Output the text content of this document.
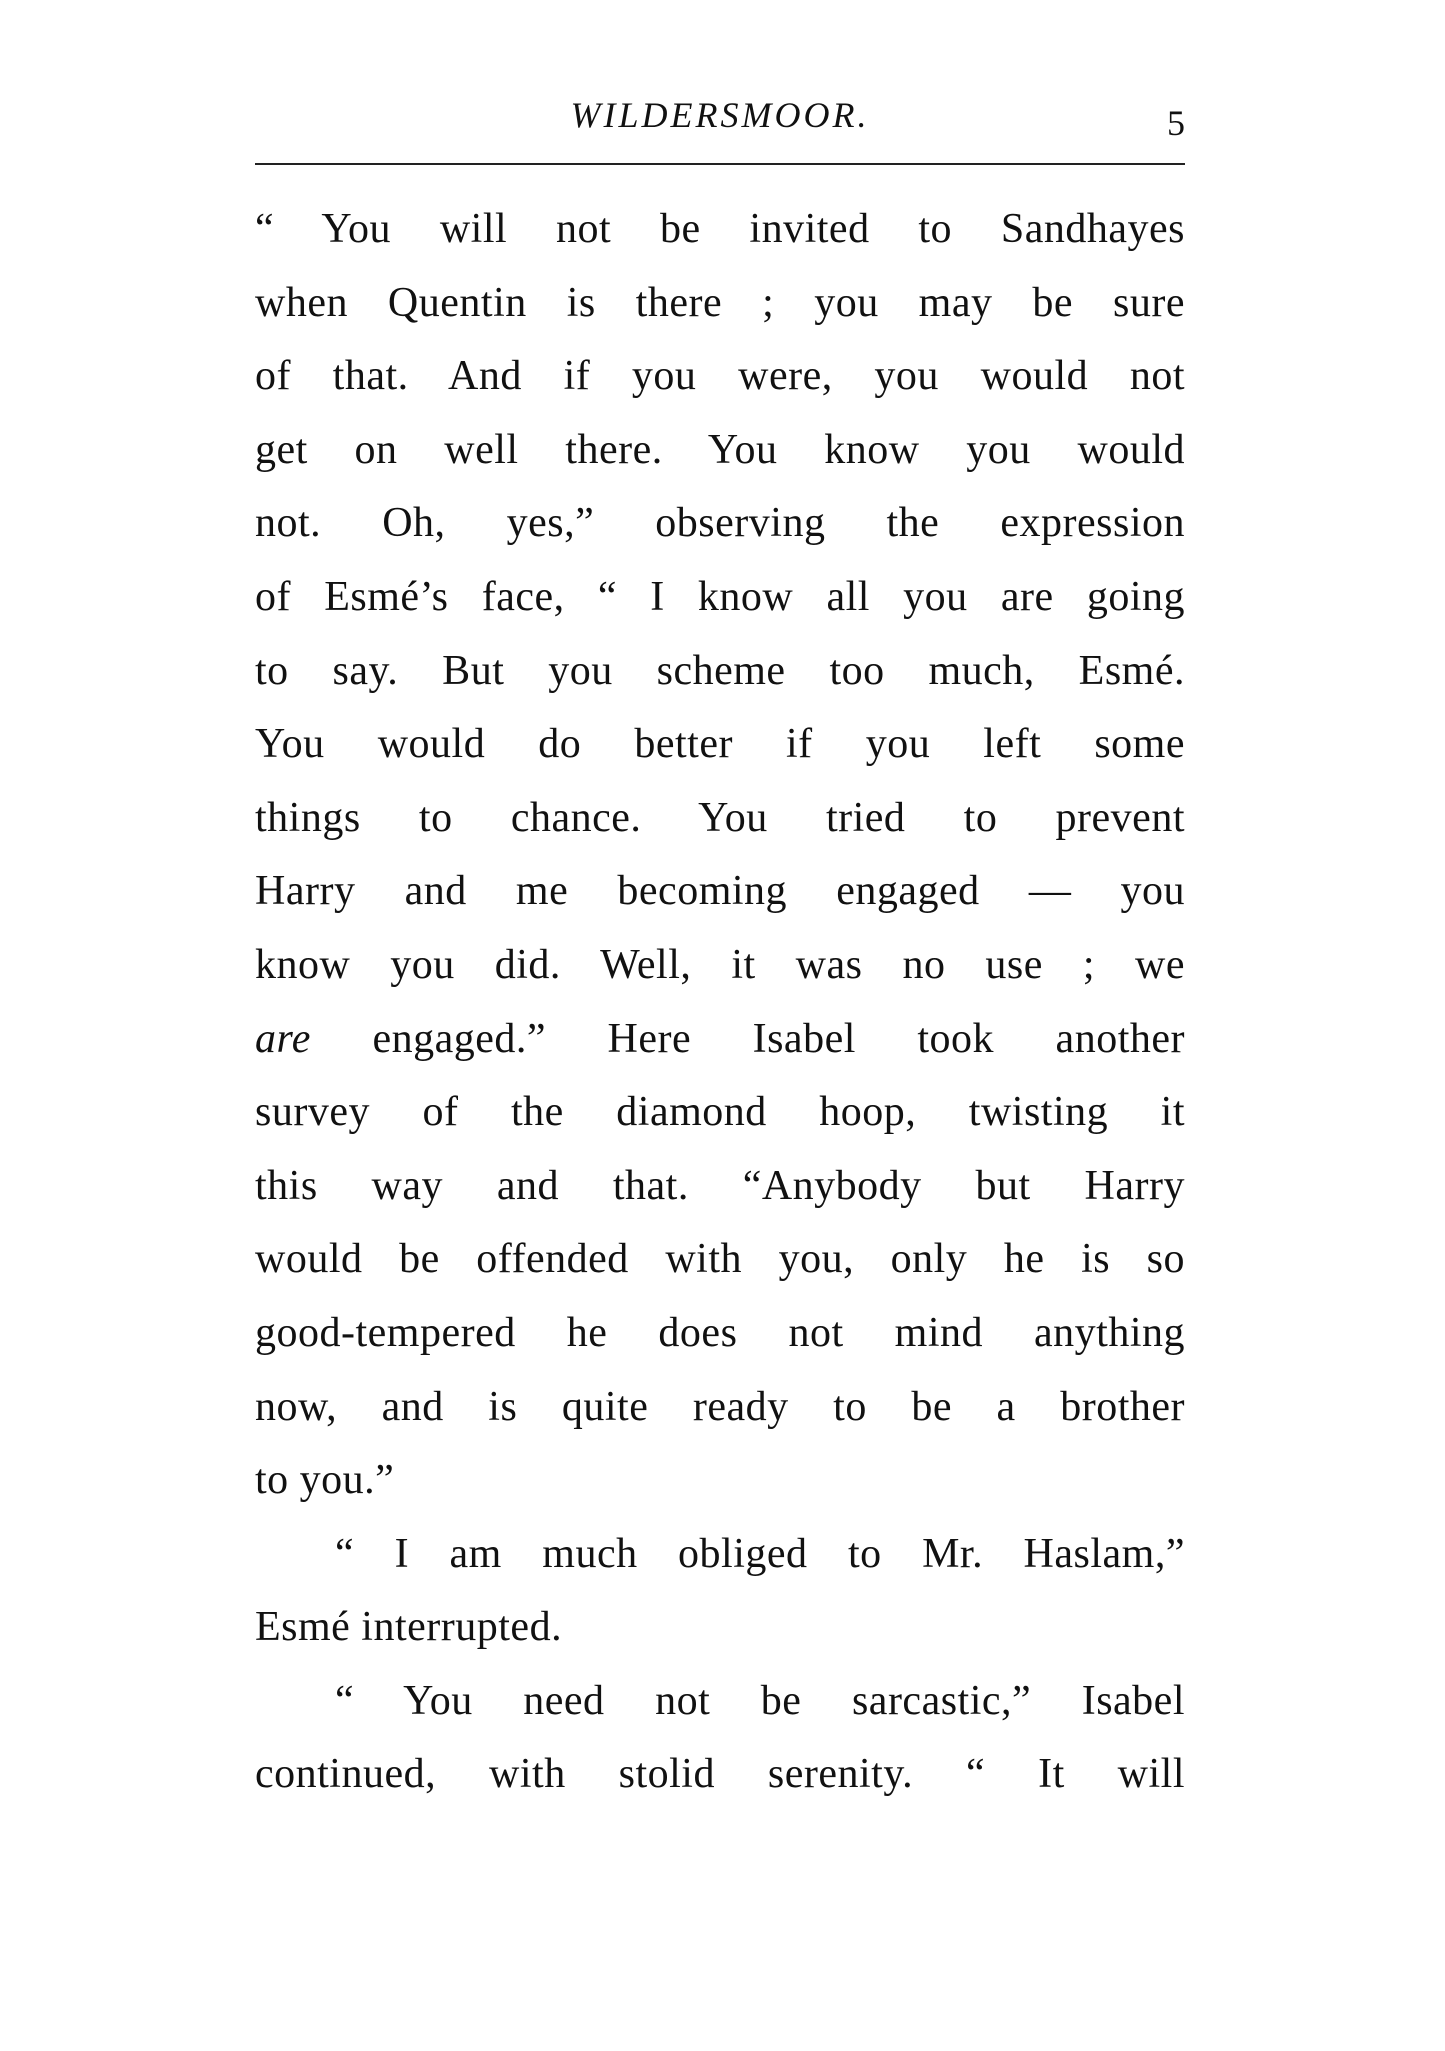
WILDERSMOOR.	5
“ You will not be invited to Sandhayes
when Quentin is there ; you may be sure
of that. And if you were, you would not
get on well there. You know you would
not. Oh, yes,” observing the expression
of Esmé’s face, “ I know all you are going
to say. But you scheme too much, Esmé.
You would do better if you left some
things to chance. You tried to prevent
Harry and me becoming engaged — you
know you did. Well, it was no use ; we
are engaged.” Here Isabel took another
survey of the diamond hoop, twisting it
this way and that. “Anybody but Harry
would be offended with you, only he is so
good-tempered he does not mind anything
now, and is quite ready to be a brother
to you.”
“ I am much obliged to Mr. Haslam,”
Esmé interrupted.
“ You need not be sarcastic,” Isabel
continued, with stolid serenity. “ It will
